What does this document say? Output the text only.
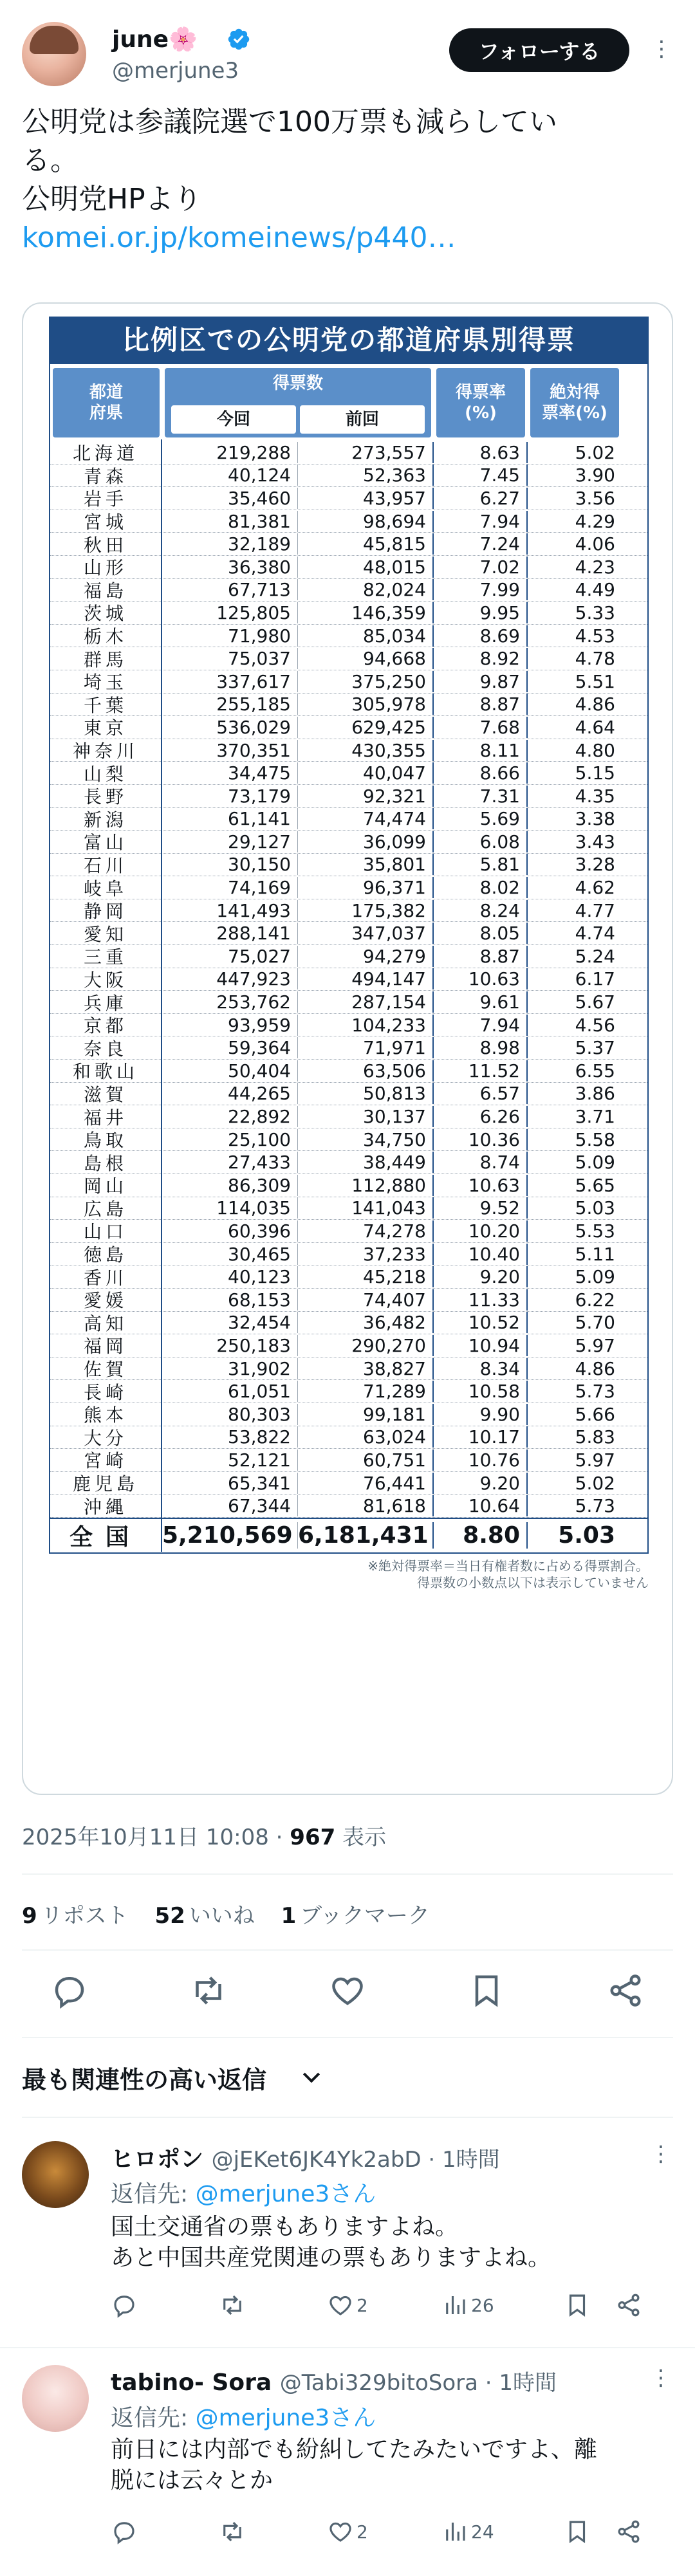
june🌸
@merjune3
フォローする	⋮
公明党は参議院選で100万票も減らしてい
る。
公明党HPより
komei.or.jp/komeinews/p440…
比例区での公明党の都道府県別得票
都道
府県
得票数
今回	前回
得票率
(%)
絶対得
票率(%)
北海道	219,288	273,557	8.63	5.02
青森	40,124	52,363	7.45	3.90
岩手	35,460	43,957	6.27	3.56
宮城	81,381	98,694	7.94	4.29
秋田	32,189	45,815	7.24	4.06
山形	36,380	48,015	7.02	4.23
福島	67,713	82,024	7.99	4.49
茨城	125,805	146,359	9.95	5.33
栃木	71,980	85,034	8.69	4.53
群馬	75,037	94,668	8.92	4.78
埼玉	337,617	375,250	9.87	5.51
千葉	255,185	305,978	8.87	4.86
東京	536,029	629,425	7.68	4.64
神奈川	370,351	430,355	8.11	4.80
山梨	34,475	40,047	8.66	5.15
長野	73,179	92,321	7.31	4.35
新潟	61,141	74,474	5.69	3.38
富山	29,127	36,099	6.08	3.43
石川	30,150	35,801	5.81	3.28
岐阜	74,169	96,371	8.02	4.62
静岡	141,493	175,382	8.24	4.77
愛知	288,141	347,037	8.05	4.74
三重	75,027	94,279	8.87	5.24
大阪	447,923	494,147	10.63	6.17
兵庫	253,762	287,154	9.61	5.67
京都	93,959	104,233	7.94	4.56
奈良	59,364	71,971	8.98	5.37
和歌山	50,404	63,506	11.52	6.55
滋賀	44,265	50,813	6.57	3.86
福井	22,892	30,137	6.26	3.71
鳥取	25,100	34,750	10.36	5.58
島根	27,433	38,449	8.74	5.09
岡山	86,309	112,880	10.63	5.65
広島	114,035	141,043	9.52	5.03
山口	60,396	74,278	10.20	5.53
徳島	30,465	37,233	10.40	5.11
香川	40,123	45,218	9.20	5.09
愛媛	68,153	74,407	11.33	6.22
高知	32,454	36,482	10.52	5.70
福岡	250,183	290,270	10.94	5.97
佐賀	31,902	38,827	8.34	4.86
長崎	61,051	71,289	10.58	5.73
熊本	80,303	99,181	9.90	5.66
大分	53,822	63,024	10.17	5.83
宮崎	52,121	60,751	10.76	5.97
鹿児島	65,341	76,441	9.20	5.02
沖縄	67,344	81,618	10.64	5.73
全国 5,210,569 6,181,431	8.80	5.03
※絶対得票率＝当日有権者数に占める得票割合。
得票数の小数点以下は表示していません
2025年10月11日 10:08 · 967 表示
9 リポスト 52 いいね 1 ブックマーク
最も関連性の高い返信
ヒロポン @jEKet6JK4Yk2abD · 1時間	⋮
返信先: @merjune3さん
国土交通省の票もありますよね。
あと中国共産党関連の票もありますよね。
2	26
tabino- Sora @Tabi329bitoSora · 1時間	⋮
返信先: @merjune3さん
前日には内部でも紛糾してたみたいですよ、離
脱には云々とか
2	24
